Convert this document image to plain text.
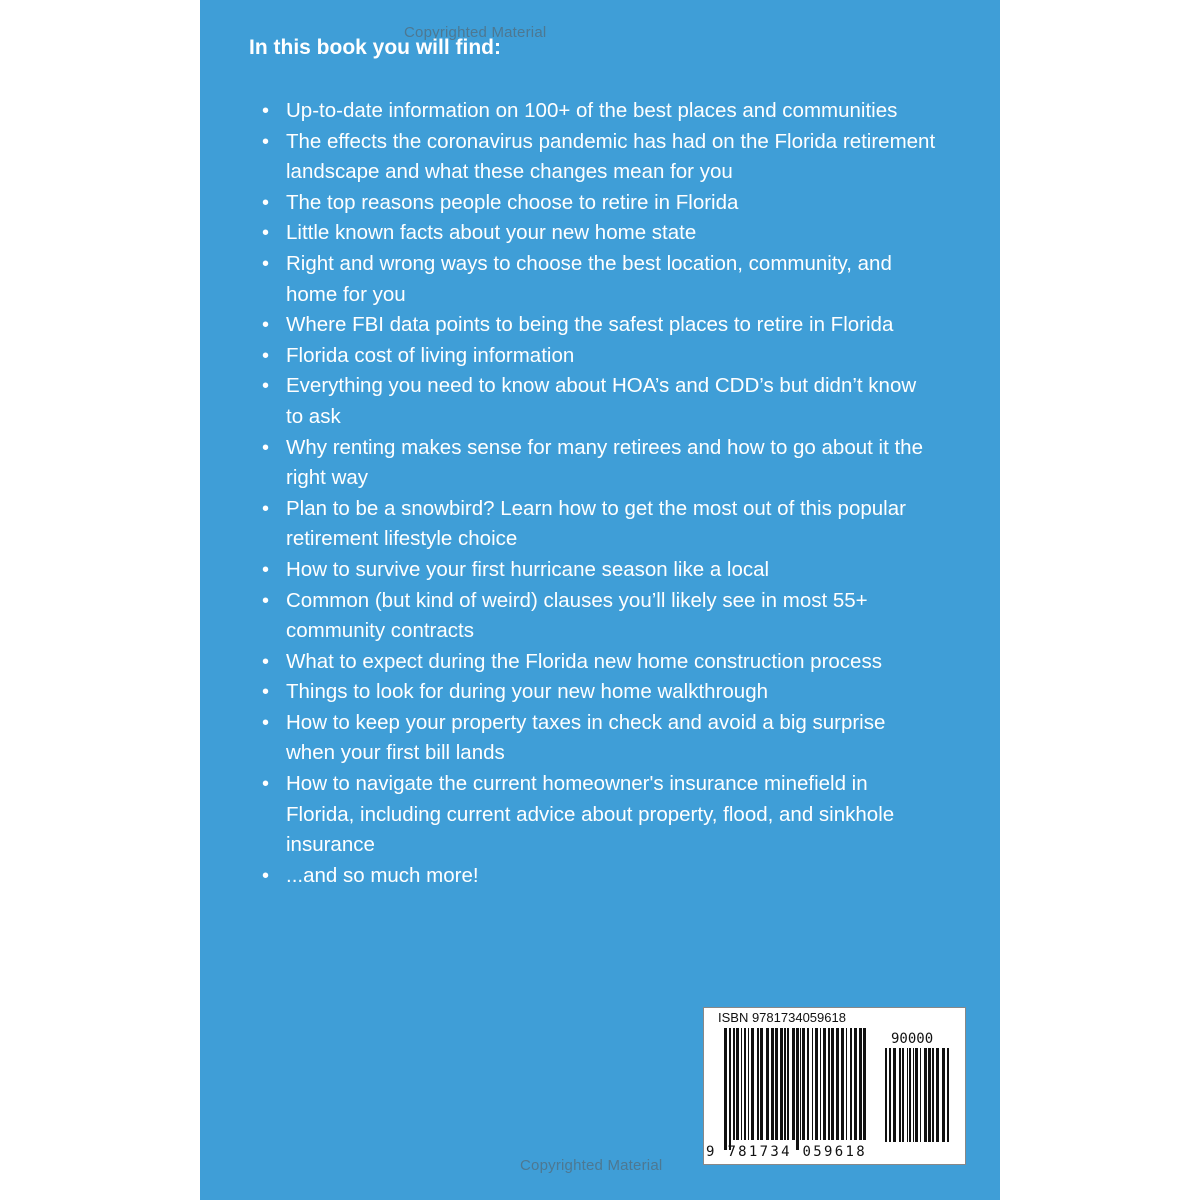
Copyrighted Material
In this book you will find:
• Up-to-date information on 100+ of the best places and communities
• The effects the coronavirus pandemic has had on the Florida retirement landscape and what these changes mean for you
• The top reasons people choose to retire in Florida
• Little known facts about your new home state
• Right and wrong ways to choose the best location, community, and home for you
• Where FBI data points to being the safest places to retire in Florida
• Florida cost of living information
• Everything you need to know about HOA’s and CDD’s but didn’t know to ask
• Why renting makes sense for many retirees and how to go about it the right way
• Plan to be a snowbird? Learn how to get the most out of this popular retirement lifestyle choice
• How to survive your first hurricane season like a local
• Common (but kind of weird) clauses you’ll likely see in most 55+ community contracts
• What to expect during the Florida new home construction process
• Things to look for during your new home walkthrough
• How to keep your property taxes in check and avoid a big surprise when your first bill lands
• How to navigate the current homeowner's insurance minefield in Florida, including current advice about property, flood, and sinkhole insurance
• ...and so much more!
ISBN 9781734059618
90000
9 781734 059618
Copyrighted Material
